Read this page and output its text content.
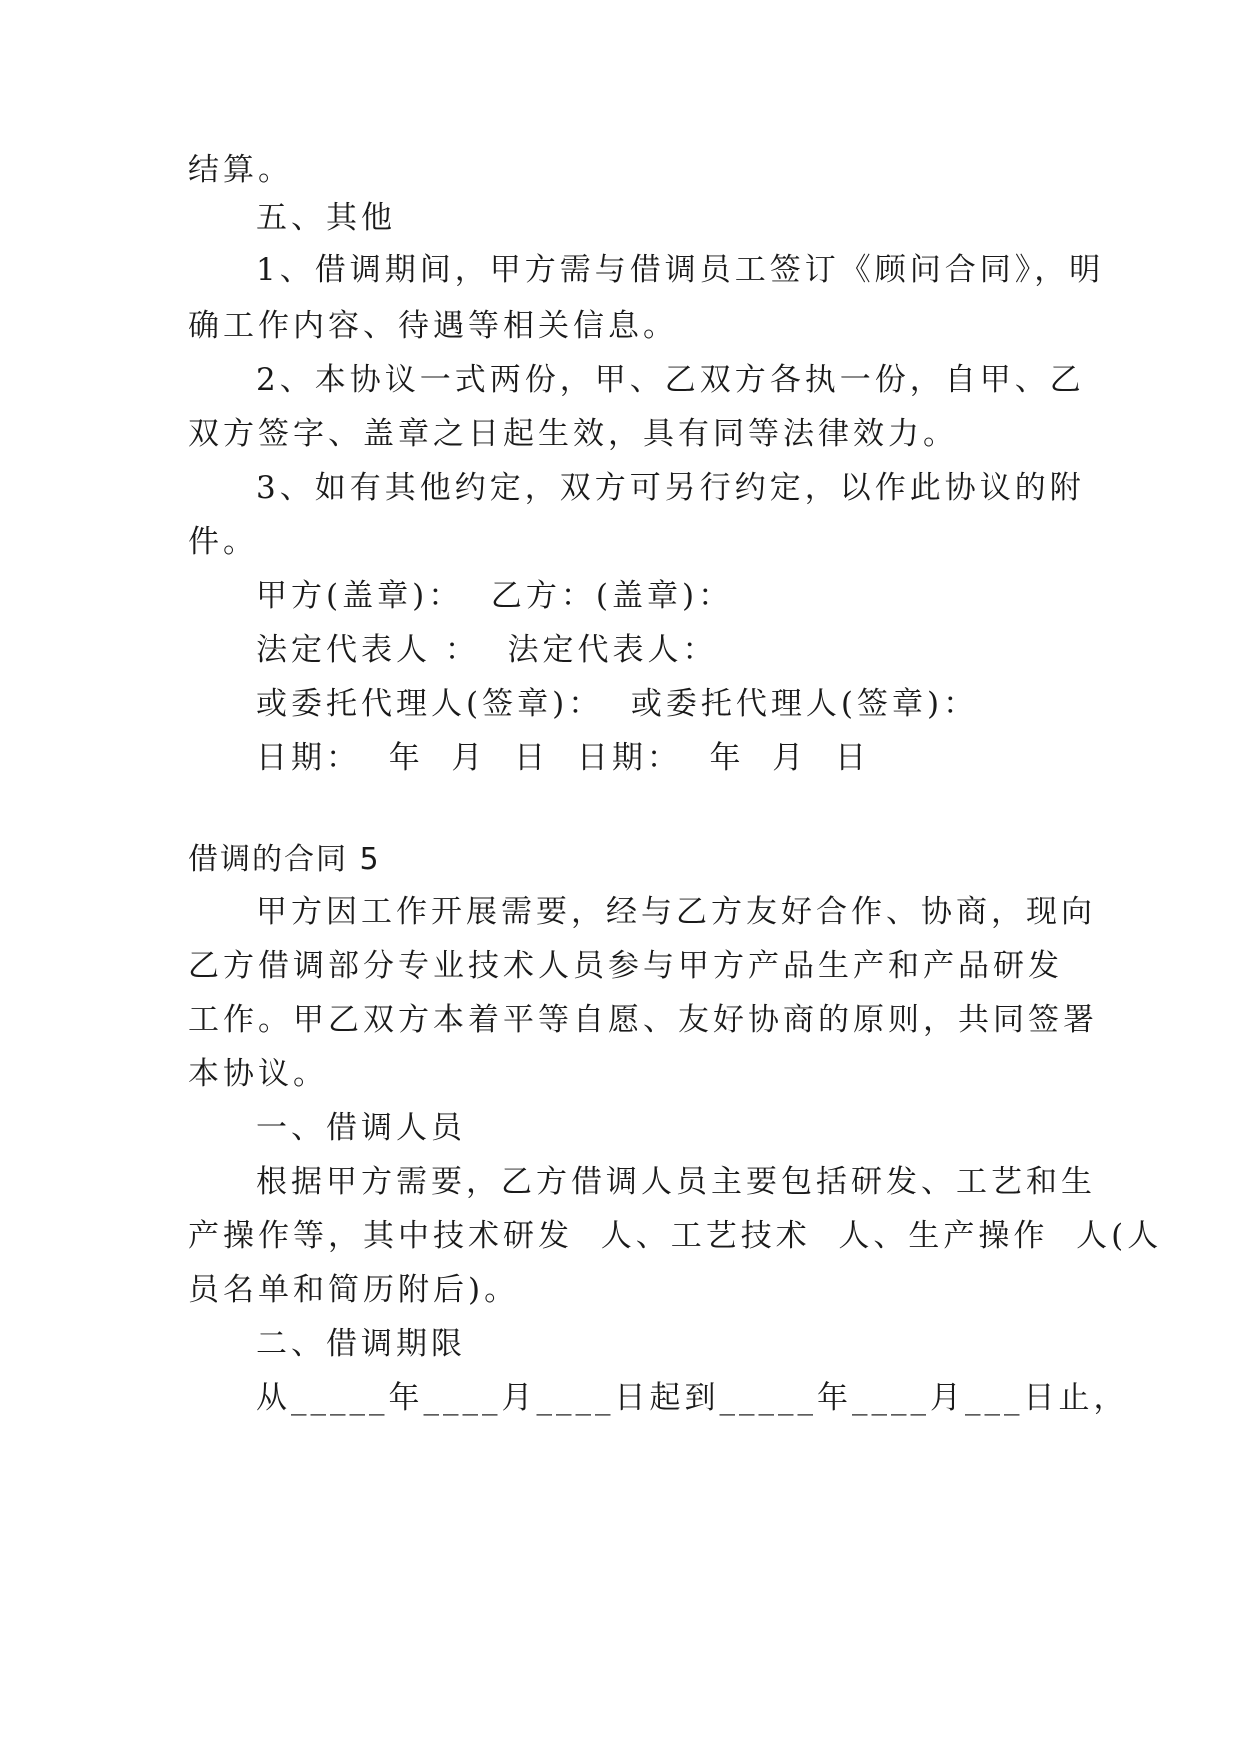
结算。
五、其他
1、借调期间，甲方需与借调员工签订《顾问合同》，明
确工作内容、待遇等相关信息。
2、本协议一式两份，甲、乙双方各执一份，自甲、乙
双方签字、盖章之日起生效，具有同等法律效力。
3、如有其他约定，双方可另行约定，以作此协议的附
件。
甲方(盖章)：  乙方：(盖章)：
法定代表人 ：  法定代表人：
或委托代理人(签章)：  或委托代理人(签章)：
日期：  年  月  日  日期：  年  月  日
借调的合同 5
甲方因工作开展需要，经与乙方友好合作、协商，现向
乙方借调部分专业技术人员参与甲方产品生产和产品研发
工作。甲乙双方本着平等自愿、友好协商的原则，共同签署
本协议。
一、借调人员
根据甲方需要，乙方借调人员主要包括研发、工艺和生
产操作等，其中技术研发  人、工艺技术  人、生产操作  人(人
员名单和简历附后)。
二、借调期限
从_____年____月____日起到_____年____月___日止，
